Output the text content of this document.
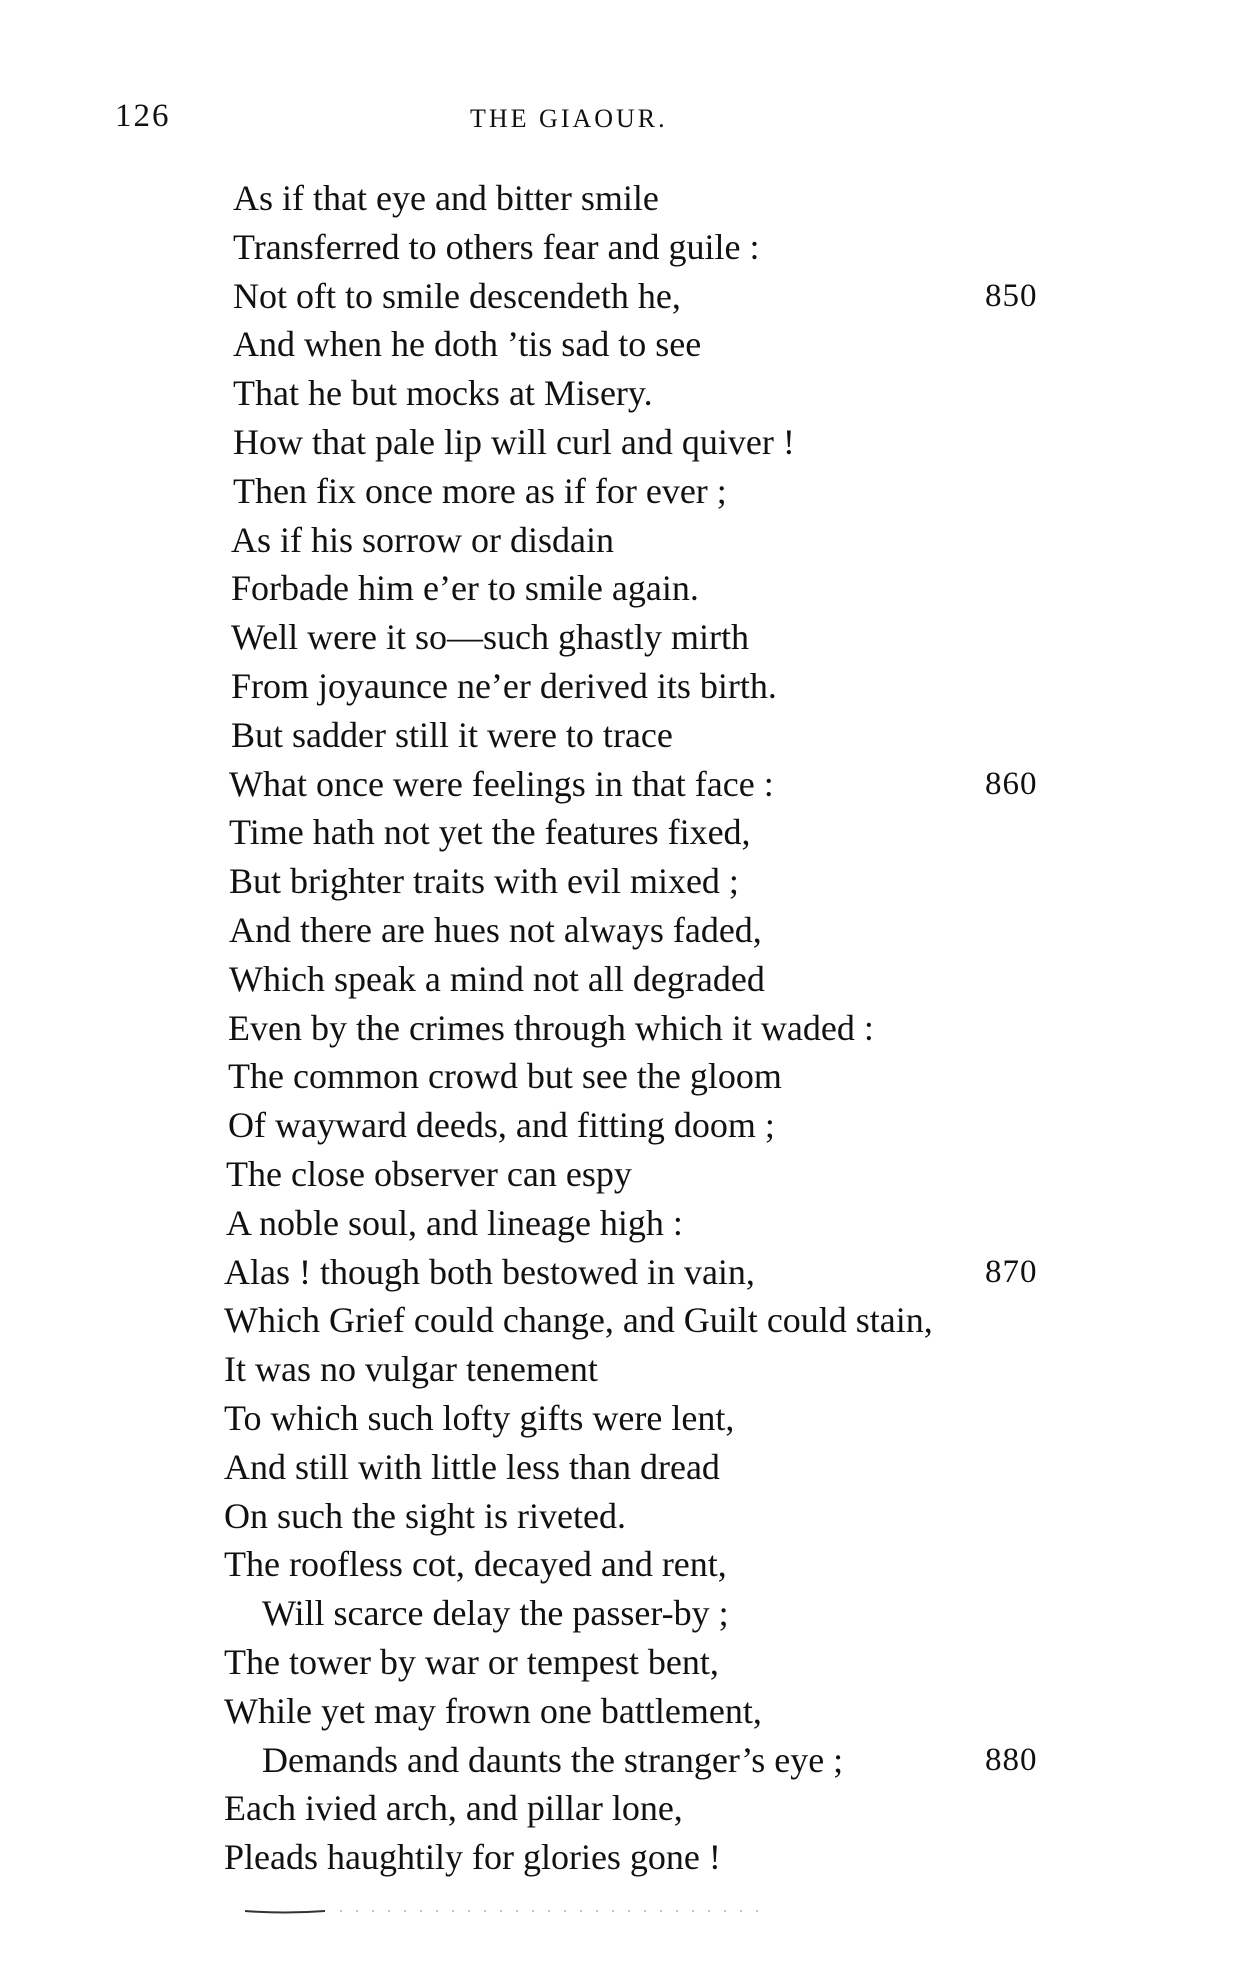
126	THE GIAOUR.
As if that eye and bitter smile
Transferred to others fear and guile :
Not oft to smile descendeth he,	850
And when he doth ’tis sad to see
That he but mocks at Misery.
How that pale lip will curl and quiver !
Then fix once more as if for ever ;
As if his sorrow or disdain
Forbade him e’er to smile again.
Well were it so—such ghastly mirth
From joyaunce ne’er derived its birth.
But sadder still it were to trace
What once were feelings in that face :	860
Time hath not yet the features fixed,
But brighter traits with evil mixed ;
And there are hues not always faded,
Which speak a mind not all degraded
Even by the crimes through which it waded :
The common crowd but see the gloom
Of wayward deeds, and fitting doom ;
The close observer can espy
A noble soul, and lineage high :
Alas ! though both bestowed in vain,	870
Which Grief could change, and Guilt could stain,
It was no vulgar tenement
To which such lofty gifts were lent,
And still with little less than dread
On such the sight is riveted.
The roofless cot, decayed and rent,
Will scarce delay the passer-by ;
The tower by war or tempest bent,
While yet may frown one battlement,
Demands and daunts the stranger’s eye ;	880
Each ivied arch, and pillar lone,
Pleads haughtily for glories gone !
